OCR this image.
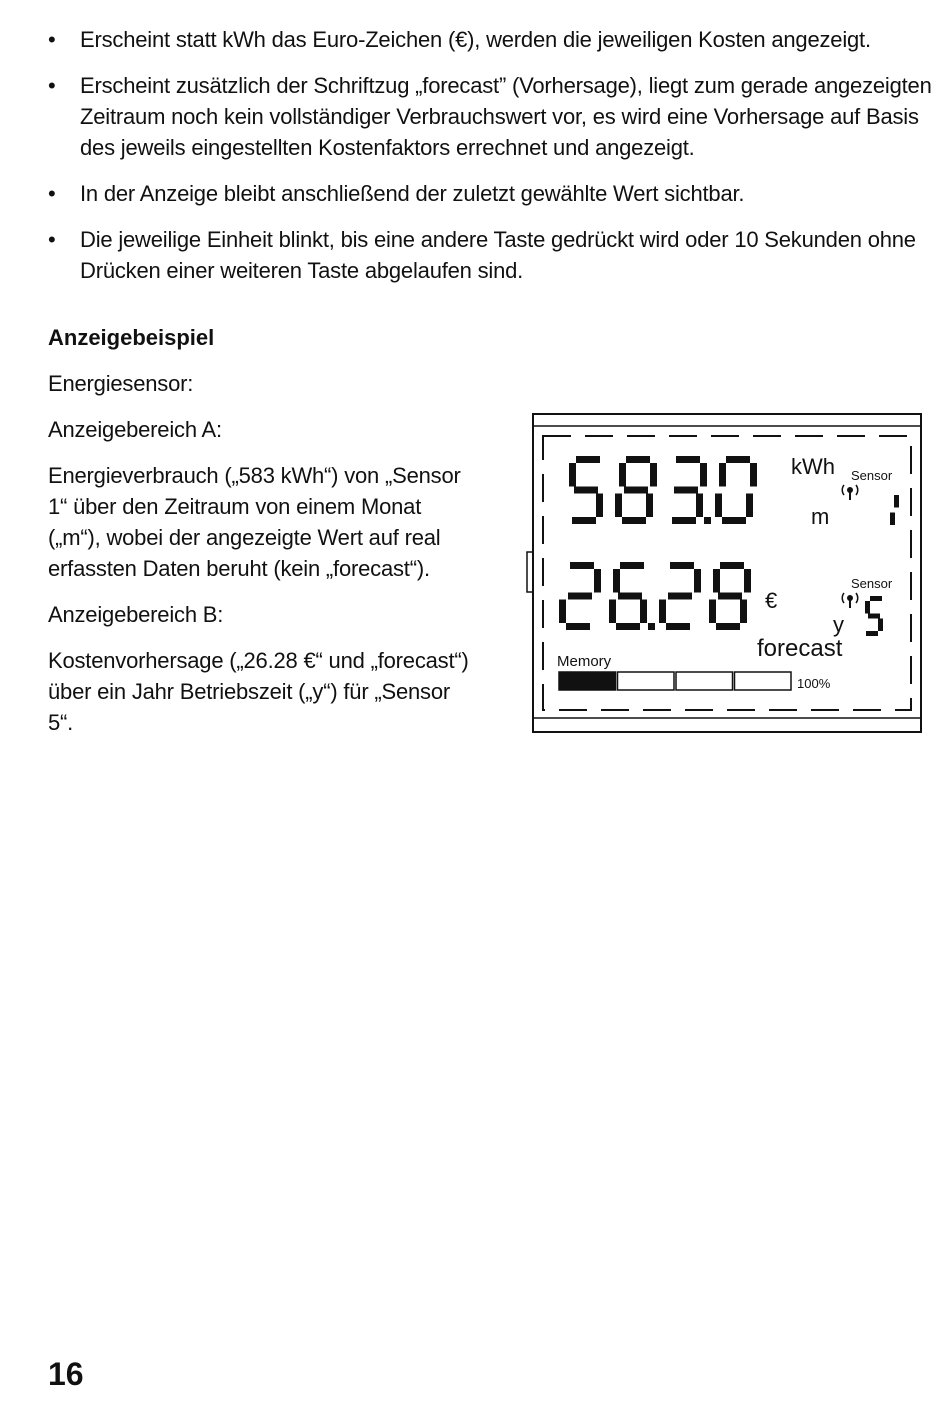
• Erscheint statt kWh das Euro-Zeichen (€), werden die jeweiligen Kosten angezeigt.
• Erscheint zusätzlich der Schriftzug „forecast” (Vorhersage), liegt zum gerade angezeigten Zeitraum noch kein vollständiger Verbrauchswert vor, es wird eine Vorhersage auf Basis des jeweils eingestellten Kostenfaktors errechnet und angezeigt.
• In der Anzeige bleibt anschließend der zuletzt gewählte Wert sichtbar.
• Die jeweilige Einheit blinkt, bis eine andere Taste gedrückt wird oder 10 Sekunden ohne Drücken einer weiteren Taste abgelaufen sind.
Anzeigebeispiel

Energiesensor:

Anzeigebereich A:

Energieverbrauch („583 kWh“) von „Sensor 1“ über den Zeitraum von einem Monat („m“), wobei der angezeigte Wert auf real erfassten Daten beruht (kein „forecast“).

Anzeigebereich B:

Kostenvorhersage („26.28 €“ und „forecast“) über ein Jahr Betriebszeit („y“) für „Sensor 5“.

kWh Sensor
m
€
Sensor
y
forecast
Memory
100%
16
